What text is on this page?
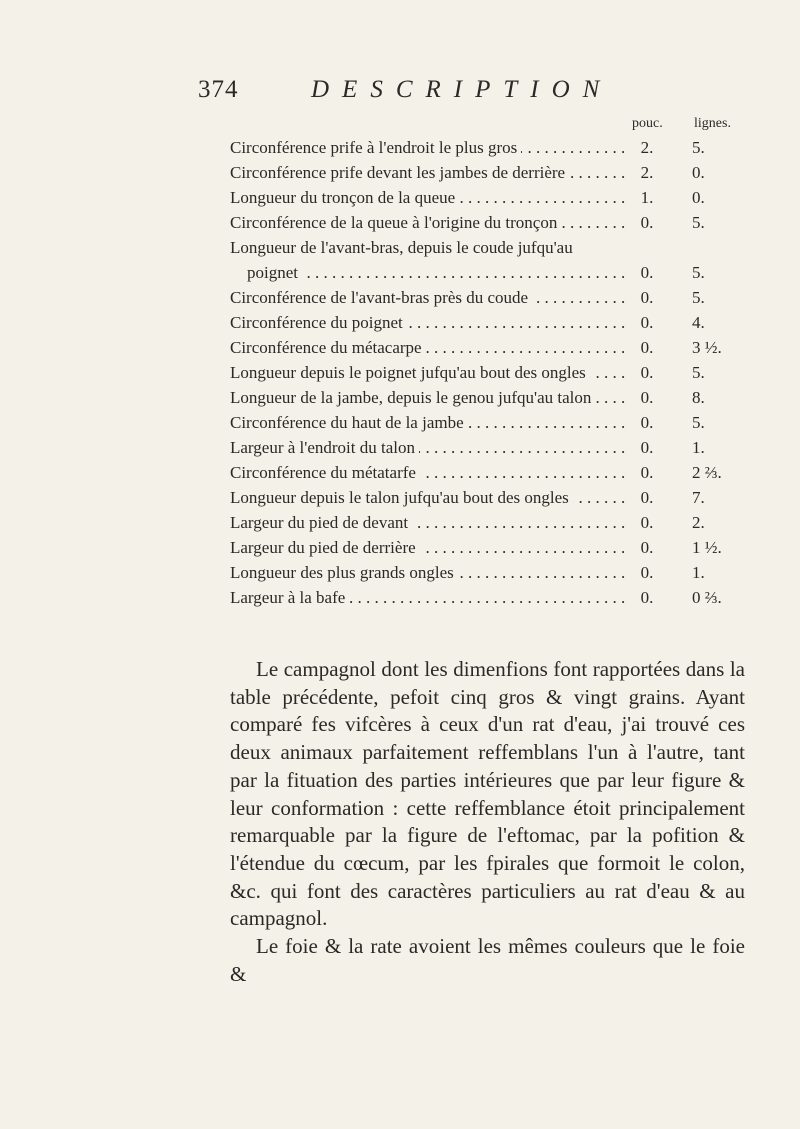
374	DESCRIPTION
pouc. lignes.
Circonférence prife à l'endroit le plus gros . . .	2.	5.
Circonférence prife devant les jambes de derrière . . .	2.	0.
Longueur du tronçon de la queue . . .	1.	0.
Circonférence de la queue à l'origine du tronçon . . .	0.	5.
Longueur de l'avant-bras, depuis le coude jufqu'au
poignet . . .	0.	5.
Circonférence de l'avant-bras près du coude . . .	0.	5.
Circonférence du poignet . . .	0.	4.
Circonférence du métacarpe . . .	0.	3 ½.
Longueur depuis le poignet jufqu'au bout des ongles . . .	0.	5.
Longueur de la jambe, depuis le genou jufqu'au talon . . .	0.	8.
Circonférence du haut de la jambe . . .	0.	5.
Largeur à l'endroit du talon . . .	0.	1.
Circonférence du métatarfe . . .	0.	2 ⅔.
Longueur depuis le talon jufqu'au bout des ongles . . .	0.	7.
Largeur du pied de devant . . .	0.	2.
Largeur du pied de derrière . . .	0.	1 ½.
Longueur des plus grands ongles . . .	0.	1.
Largeur à la bafe . . .	0.	0 ⅔.

Le campagnol dont les dimenfions font rapportées dans la table précédente, pefoit cinq gros & vingt grains. Ayant comparé fes vifcères à ceux d'un rat d'eau, j'ai trouvé ces deux animaux parfaitement reffemblans l'un à l'autre, tant par la fituation des parties intérieures que par leur figure & leur conformation : cette reffemblance étoit principalement remarquable par la figure de l'eftomac, par la pofition & l'étendue du cœcum, par les fpirales que formoit le colon, &c. qui font des caractères particuliers au rat d'eau & au campagnol.

Le foie & la rate avoient les mêmes couleurs que le foie &
